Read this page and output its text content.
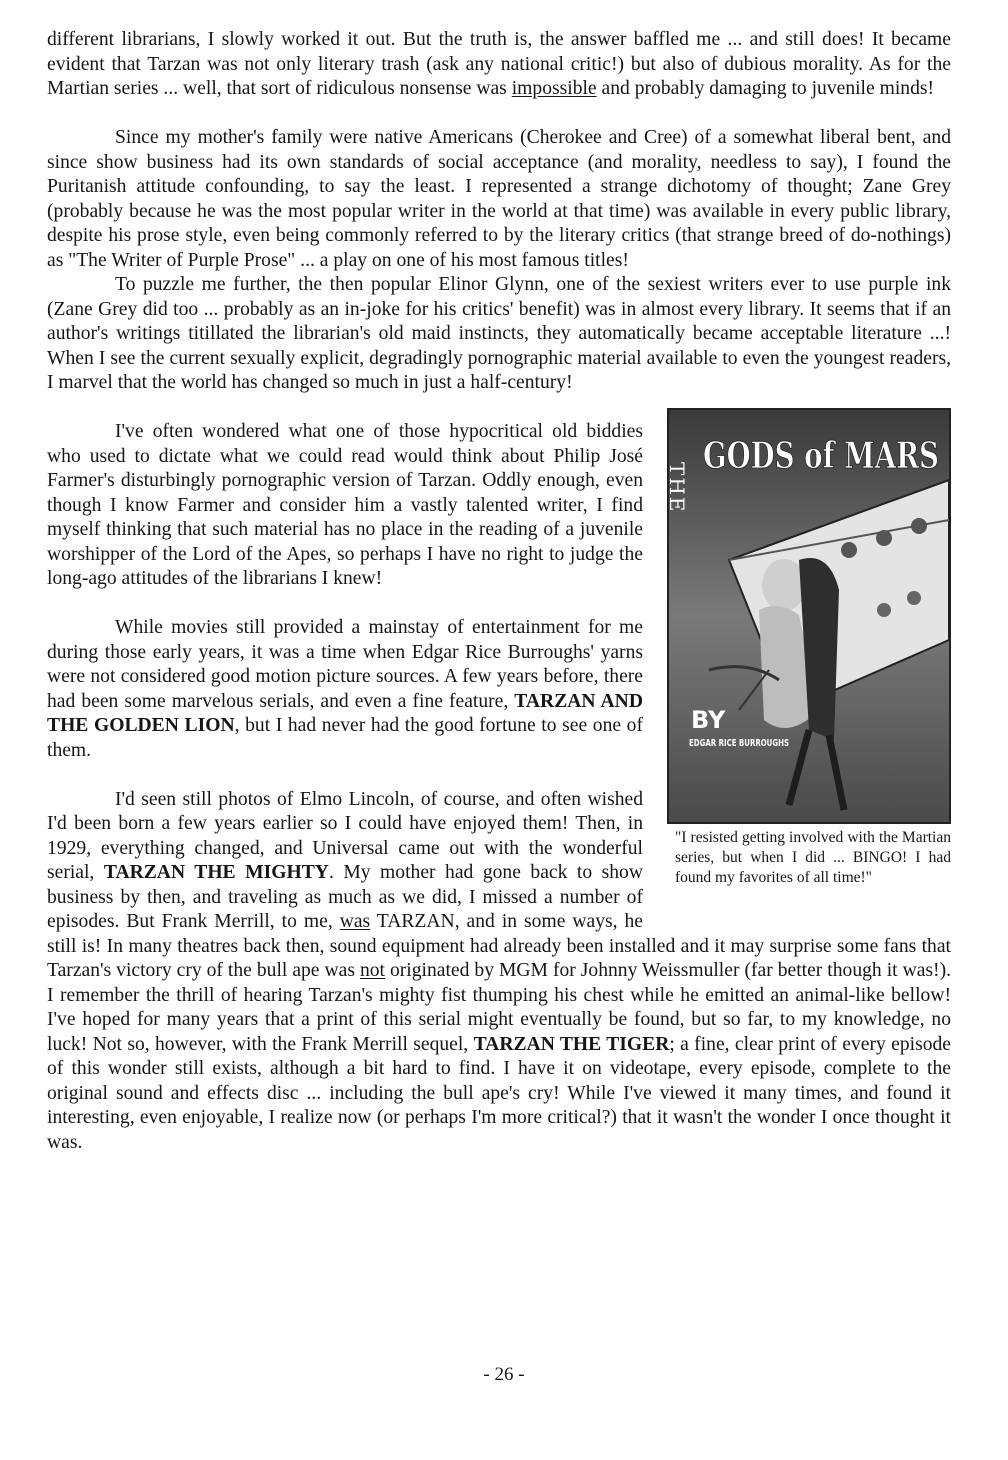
different librarians, I slowly worked it out. But the truth is, the answer baffled me ... and still does! It became evident that Tarzan was not only literary trash (ask any national critic!) but also of dubious morality. As for the Martian series ... well, that sort of ridiculous nonsense was impossible and probably damaging to juvenile minds!

Since my mother's family were native Americans (Cherokee and Cree) of a somewhat liberal bent, and since show business had its own standards of social acceptance (and morality, needless to say), I found the Puritanish attitude confounding, to say the least. I represented a strange dichotomy of thought; Zane Grey (probably because he was the most popular writer in the world at that time) was available in every public library, despite his prose style, even being commonly referred to by the literary critics (that strange breed of do-nothings) as "The Writer of Purple Prose" ... a play on one of his most famous titles!

To puzzle me further, the then popular Elinor Glynn, one of the sexiest writers ever to use purple ink (Zane Grey did too ... probably as an in-joke for his critics' benefit) was in almost every library. It seems that if an author's writings titillated the librarian's old maid instincts, they automatically became acceptable literature ...! When I see the current sexually explicit, degradingly pornographic material available to even the youngest readers, I marvel that the world has changed so much in just a half-century!

THE
GODS of MARS
BY
EDGAR RICE BURROUGHS
"I resisted getting involved with the Martian series, but when I did ... BINGO! I had found my favorites of all time!"

I've often wondered what one of those hypocritical old biddies who used to dictate what we could read would think about Philip José Farmer's disturbingly pornographic version of Tarzan. Oddly enough, even though I know Farmer and consider him a vastly talented writer, I find myself thinking that such material has no place in the reading of a juvenile worshipper of the Lord of the Apes, so perhaps I have no right to judge the long-ago attitudes of the librarians I knew!

While movies still provided a mainstay of entertainment for me during those early years, it was a time when Edgar Rice Burroughs' yarns were not considered good motion picture sources. A few years before, there had been some marvelous serials, and even a fine feature, TARZAN AND THE GOLDEN LION, but I had never had the good fortune to see one of them.

I'd seen still photos of Elmo Lincoln, of course, and often wished I'd been born a few years earlier so I could have enjoyed them! Then, in 1929, everything changed, and Universal came out with the wonderful serial, TARZAN THE MIGHTY. My mother had gone back to show business by then, and traveling as much as we did, I missed a number of episodes. But Frank Merrill, to me, was TARZAN, and in some ways, he still is! In many theatres back then, sound equipment had already been installed and it may surprise some fans that Tarzan's victory cry of the bull ape was not originated by MGM for Johnny Weissmuller (far better though it was!). I remember the thrill of hearing Tarzan's mighty fist thumping his chest while he emitted an animal-like bellow! I've hoped for many years that a print of this serial might eventually be found, but so far, to my knowledge, no luck! Not so, however, with the Frank Merrill sequel, TARZAN THE TIGER; a fine, clear print of every episode of this wonder still exists, although a bit hard to find. I have it on videotape, every episode, complete to the original sound and effects disc ... including the bull ape's cry! While I've viewed it many times, and found it interesting, even enjoyable, I realize now (or perhaps I'm more critical?) that it wasn't the wonder I once thought it was.

- 26 -
